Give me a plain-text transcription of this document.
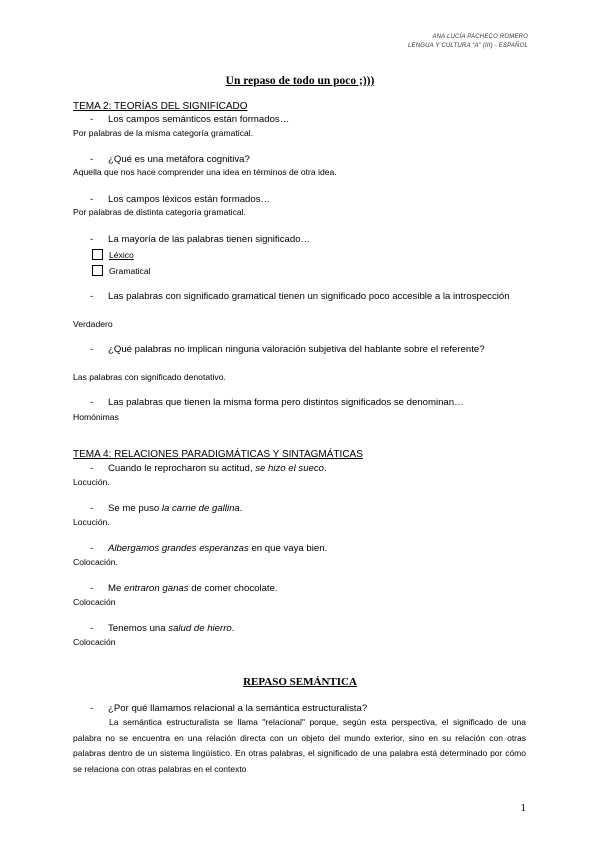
ANA LUCÍA PACHECO ROMERO
LENGUA Y CULTURA “A” (III) - ESPAÑOL
Un repaso de todo un poco ;)))
TEMA 2: TEORÍAS DEL SIGNIFICADO
- Los campos semánticos están formados…
Por palabras de la misma categoría gramatical.
- ¿Qué es una metáfora cognitiva?
Aquella que nos hace comprender una idea en términos de otra idea.
- Los campos léxicos están formados…
Por palabras de distinta categoría gramatical.
- La mayoría de las palabras tienen significado…
Léxico
Gramatical
- Las palabras con significado gramatical tienen un significado poco accesible a la introspección
Verdadero
- ¿Qué palabras no implican ninguna valoración subjetiva del hablante sobre el referente?
Las palabras con significado denotativo.
- Las palabras que tienen la misma forma pero distintos significados se denominan…
Homónimas
TEMA 4: RELACIONES PARADIGMÁTICAS Y SINTAGMÁTICAS
- Cuando le reprocharon su actitud, se hizo el sueco.
Locución.
- Se me puso la carne de gallina.
Locución.
- Albergamos grandes esperanzas en que vaya bien.
Colocación.
- Me entraron ganas de comer chocolate.
Colocación
- Tenemos una salud de hierro.
Colocación
REPASO SEMÁNTICA
- ¿Por qué llamamos relacional a la semántica estructuralista?
La semántica estructuralista se llama "relacional" porque, según esta perspectiva, el significado de una palabra no se encuentra en una relación directa con un objeto del mundo exterior, sino en su relación con otras palabras dentro de un sistema lingüístico. En otras palabras, el significado de una palabra está determinado por cómo se relaciona con otras palabras en el contexto
1
